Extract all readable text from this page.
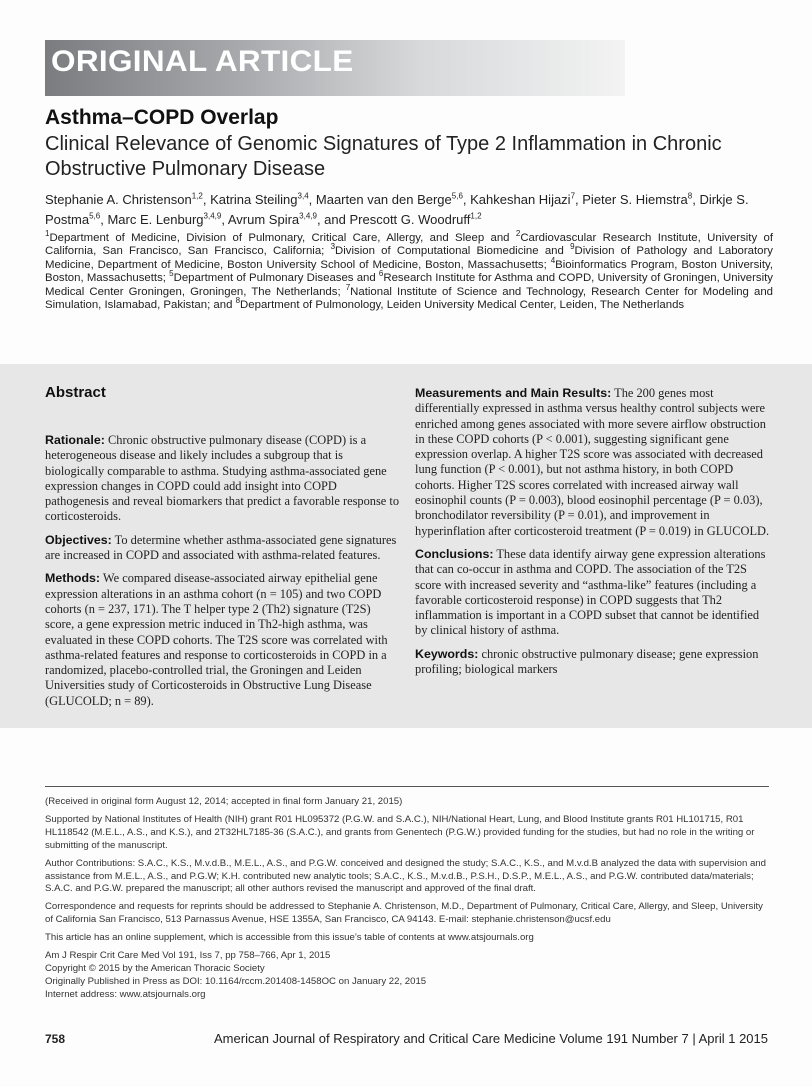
ORIGINAL ARTICLE
Asthma–COPD Overlap
Clinical Relevance of Genomic Signatures of Type 2 Inflammation in Chronic Obstructive Pulmonary Disease
Stephanie A. Christenson$^{1,2}$, Katrina Steiling$^{3,4}$, Maarten van den Berge$^{5,6}$, Kahkeshan Hijazi$^7$, Pieter S. Hiemstra$^8$, Dirkje S. Postma$^{5,6}$, Marc E. Lenburg$^{3,4,9}$, Avrum Spira$^{3,4,9}$, and Prescott G. Woodruff$^{1,2}$
$^1$Department of Medicine, Division of Pulmonary, Critical Care, Allergy, and Sleep and $^2$Cardiovascular Research Institute, University of California, San Francisco, San Francisco, California; $^3$Division of Computational Biomedicine and $^9$Division of Pathology and Laboratory Medicine, Department of Medicine, Boston University School of Medicine, Boston, Massachusetts; $^4$Bioinformatics Program, Boston University, Boston, Massachusetts; $^5$Department of Pulmonary Diseases and $^6$Research Institute for Asthma and COPD, University of Groningen, University Medical Center Groningen, Groningen, The Netherlands; $^7$National Institute of Science and Technology, Research Center for Modeling and Simulation, Islamabad, Pakistan; and $^8$Department of Pulmonology, Leiden University Medical Center, Leiden, The Netherlands
Abstract

Rationale: Chronic obstructive pulmonary disease (COPD) is a heterogeneous disease and likely includes a subgroup that is biologically comparable to asthma. Studying asthma-associated gene expression changes in COPD could add insight into COPD pathogenesis and reveal biomarkers that predict a favorable response to corticosteroids.

Objectives: To determine whether asthma-associated gene signatures are increased in COPD and associated with asthma-related features.

Methods: We compared disease-associated airway epithelial gene expression alterations in an asthma cohort (n = 105) and two COPD cohorts (n = 237, 171). The T helper type 2 (Th2) signature (T2S) score, a gene expression metric induced in Th2-high asthma, was evaluated in these COPD cohorts. The T2S score was correlated with asthma-related features and response to corticosteroids in COPD in a randomized, placebo-controlled trial, the Groningen and Leiden Universities study of Corticosteroids in Obstructive Lung Disease (GLUCOLD; n = 89).

Measurements and Main Results: The 200 genes most differentially expressed in asthma versus healthy control subjects were enriched among genes associated with more severe airflow obstruction in these COPD cohorts (P < 0.001), suggesting significant gene expression overlap. A higher T2S score was associated with decreased lung function (P < 0.001), but not asthma history, in both COPD cohorts. Higher T2S scores correlated with increased airway wall eosinophil counts (P = 0.003), blood eosinophil percentage (P = 0.03), bronchodilator reversibility (P = 0.01), and improvement in hyperinflation after corticosteroid treatment (P = 0.019) in GLUCOLD.

Conclusions: These data identify airway gene expression alterations that can co-occur in asthma and COPD. The association of the T2S score with increased severity and “asthma-like” features (including a favorable corticosteroid response) in COPD suggests that Th2 inflammation is important in a COPD subset that cannot be identified by clinical history of asthma.

Keywords: chronic obstructive pulmonary disease; gene expression profiling; biological markers

(Received in original form August 12, 2014; accepted in final form January 21, 2015)

Supported by National Institutes of Health (NIH) grant R01 HL095372 (P.G.W. and S.A.C.), NIH/National Heart, Lung, and Blood Institute grants R01 HL101715, R01 HL118542 (M.E.L., A.S., and K.S.), and 2T32HL7185-36 (S.A.C.), and grants from Genentech (P.G.W.) provided funding for the studies, but had no role in the writing or submitting of the manuscript.

Author Contributions: S.A.C., K.S., M.v.d.B., M.E.L., A.S., and P.G.W. conceived and designed the study; S.A.C., K.S., and M.v.d.B analyzed the data with supervision and assistance from M.E.L., A.S., and P.G.W; K.H. contributed new analytic tools; S.A.C., K.S., M.v.d.B., P.S.H., D.S.P., M.E.L., A.S., and P.G.W. contributed data/materials; S.A.C. and P.G.W. prepared the manuscript; all other authors revised the manuscript and approved of the final draft.

Correspondence and requests for reprints should be addressed to Stephanie A. Christenson, M.D., Department of Pulmonary, Critical Care, Allergy, and Sleep, University of California San Francisco, 513 Parnassus Avenue, HSE 1355A, San Francisco, CA 94143. E-mail: stephanie.christenson@ucsf.edu

This article has an online supplement, which is accessible from this issue’s table of contents at www.atsjournals.org

Am J Respir Crit Care Med Vol 191, Iss 7, pp 758–766, Apr 1, 2015

Copyright © 2015 by the American Thoracic Society

Originally Published in Press as DOI: 10.1164/rccm.201408-1458OC on January 22, 2015

Internet address: www.atsjournals.org

758	American Journal of Respiratory and Critical Care Medicine Volume 191 Number 7 | April 1 2015
